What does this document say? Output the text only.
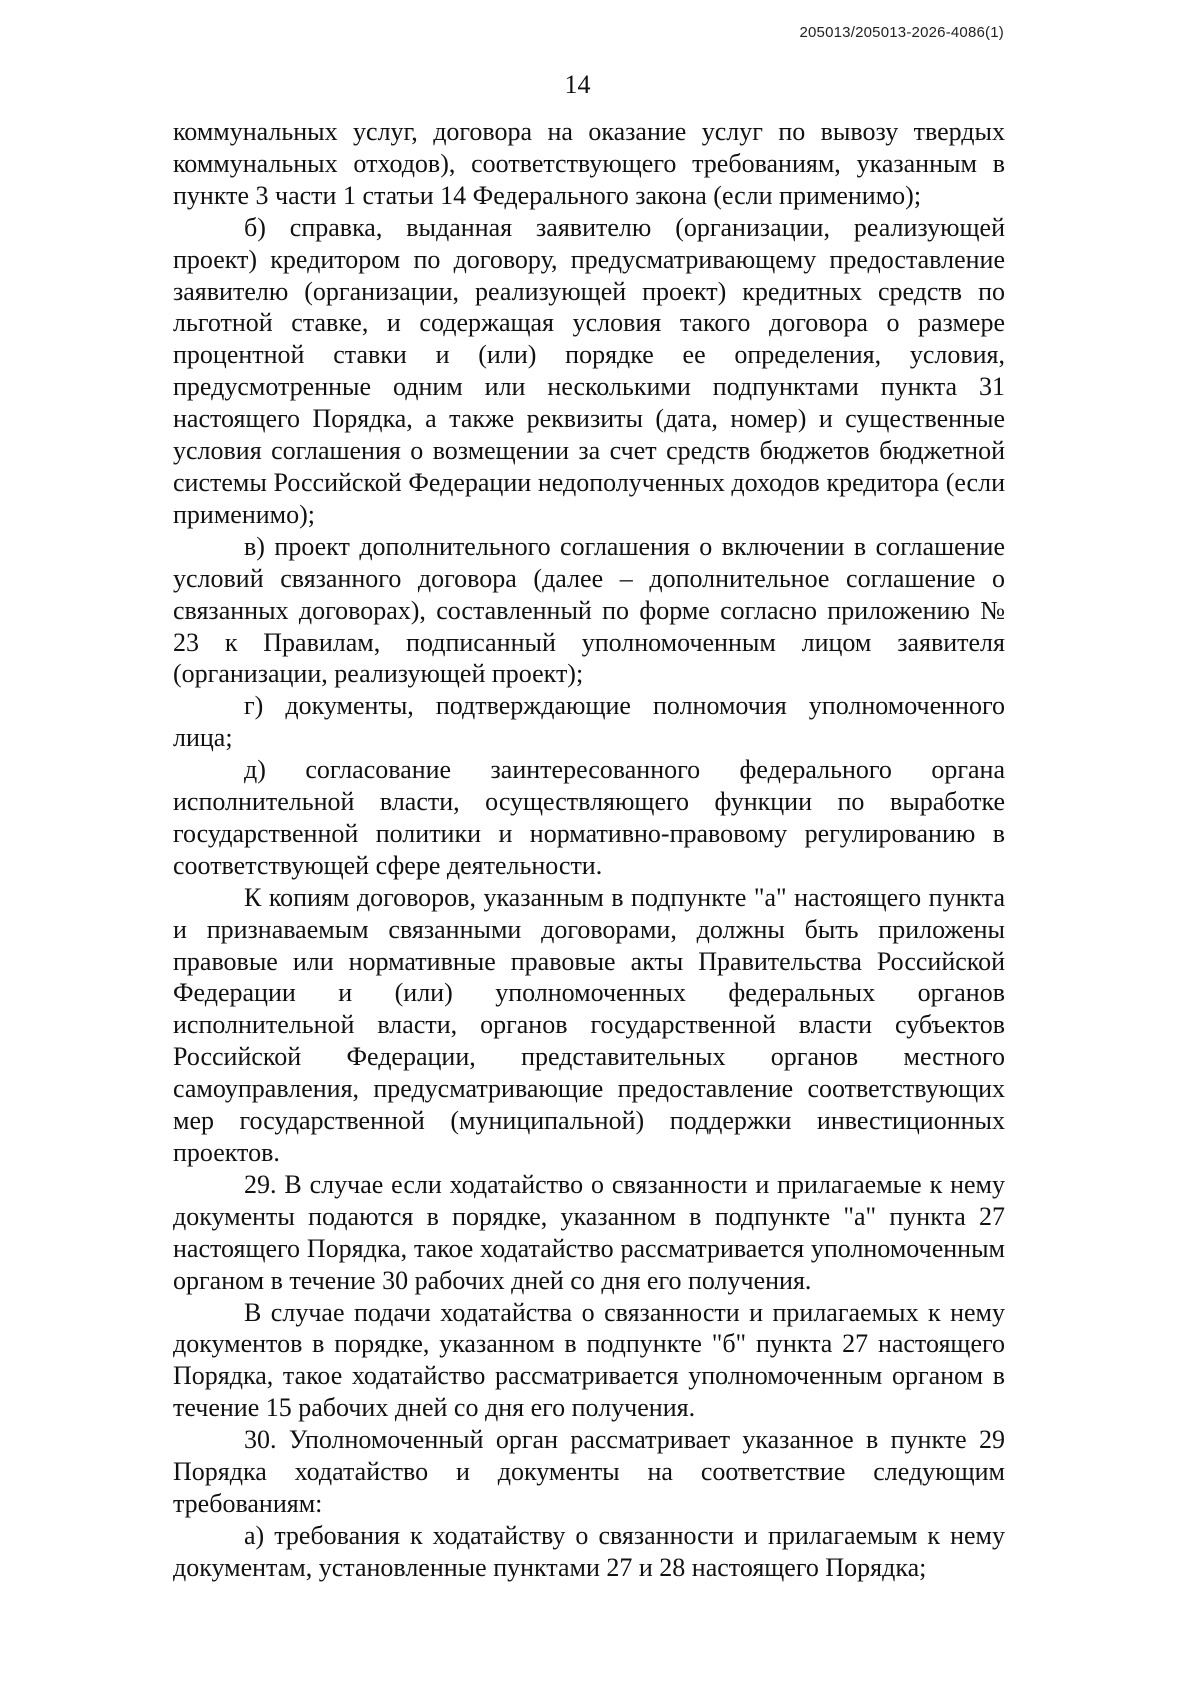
205013/205013-2026-4086(1)
14

коммунальных услуг, договора на оказание услуг по вывозу твердых коммунальных отходов), соответствующего требованиям, указанным в пункте 3 части 1 статьи 14 Федерального закона (если применимо);

б) справка, выданная заявителю (организации, реализующей проект) кредитором по договору, предусматривающему предоставление заявителю (организации, реализующей проект) кредитных средств по льготной ставке, и содержащая условия такого договора о размере процентной ставки и (или) порядке ее определения, условия, предусмотренные одним или несколькими подпунктами пункта 31 настоящего Порядка, а также реквизиты (дата, номер) и существенные условия соглашения о возмещении за счет средств бюджетов бюджетной системы Российской Федерации недополученных доходов кредитора (если применимо);

в) проект дополнительного соглашения о включении в соглашение условий связанного договора (далее – дополнительное соглашение о связанных договорах), составленный по форме согласно приложению № 23 к Правилам, подписанный уполномоченным лицом заявителя (организации, реализующей проект);

г) документы, подтверждающие полномочия уполномоченного лица;

д) согласование заинтересованного федерального органа исполнительной власти, осуществляющего функции по выработке государственной политики и нормативно-правовому регулированию в соответствующей сфере деятельности.

К копиям договоров, указанным в подпункте "а" настоящего пункта и признаваемым связанными договорами, должны быть приложены правовые или нормативные правовые акты Правительства Российской Федерации и (или) уполномоченных федеральных органов исполнительной власти, органов государственной власти субъектов Российской Федерации, представительных органов местного самоуправления, предусматривающие предоставление соответствующих мер государственной (муниципальной) поддержки инвестиционных проектов.

29. В случае если ходатайство о связанности и прилагаемые к нему документы подаются в порядке, указанном в подпункте "а" пункта 27 настоящего Порядка, такое ходатайство рассматривается уполномоченным органом в течение 30 рабочих дней со дня его получения.

В случае подачи ходатайства о связанности и прилагаемых к нему документов в порядке, указанном в подпункте "б" пункта 27 настоящего Порядка, такое ходатайство рассматривается уполномоченным органом в течение 15 рабочих дней со дня его получения.

30. Уполномоченный орган рассматривает указанное в пункте 29 Порядка ходатайство и документы на соответствие следующим требованиям:

а) требования к ходатайству о связанности и прилагаемым к нему документам, установленные пунктами 27 и 28 настоящего Порядка;
